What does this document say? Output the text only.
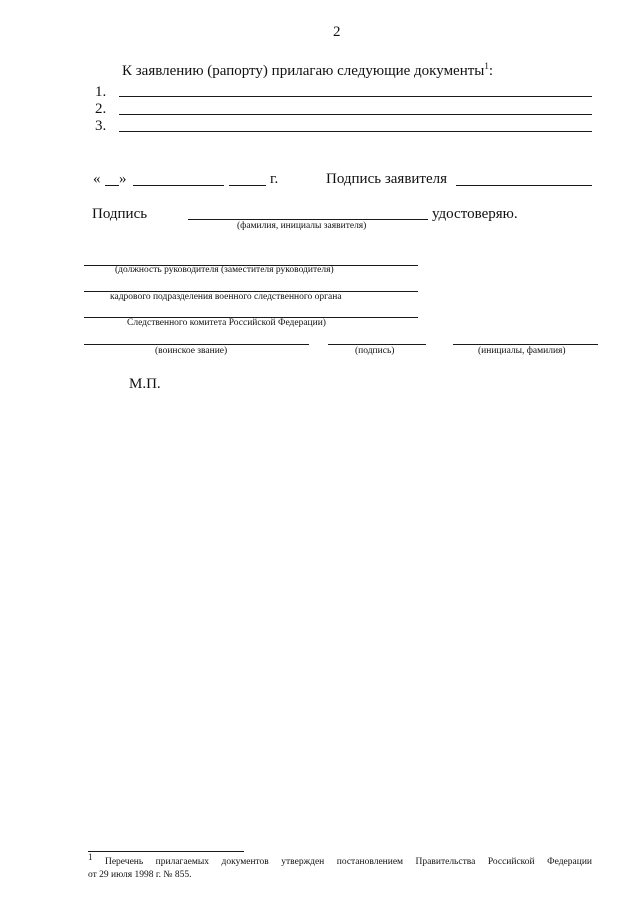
2
К заявлению (рапорту) прилагаю следующие документы$^1$:
1.
2.
3.
« »	г.	Подпись заявителя
Подпись	удостоверяю.
(фамилия, инициалы заявителя)
(должность руководителя (заместителя руководителя)
кадрового подразделения военного следственного органа
Следственного комитета Российской Федерации)
(воинское звание)	(подпись)	(инициалы, фамилия)
М.П.
$^1$ Перечень прилагаемых документов утвержден постановлением Правительства Российской Федерации
от 29 июля 1998 г. № 855.
